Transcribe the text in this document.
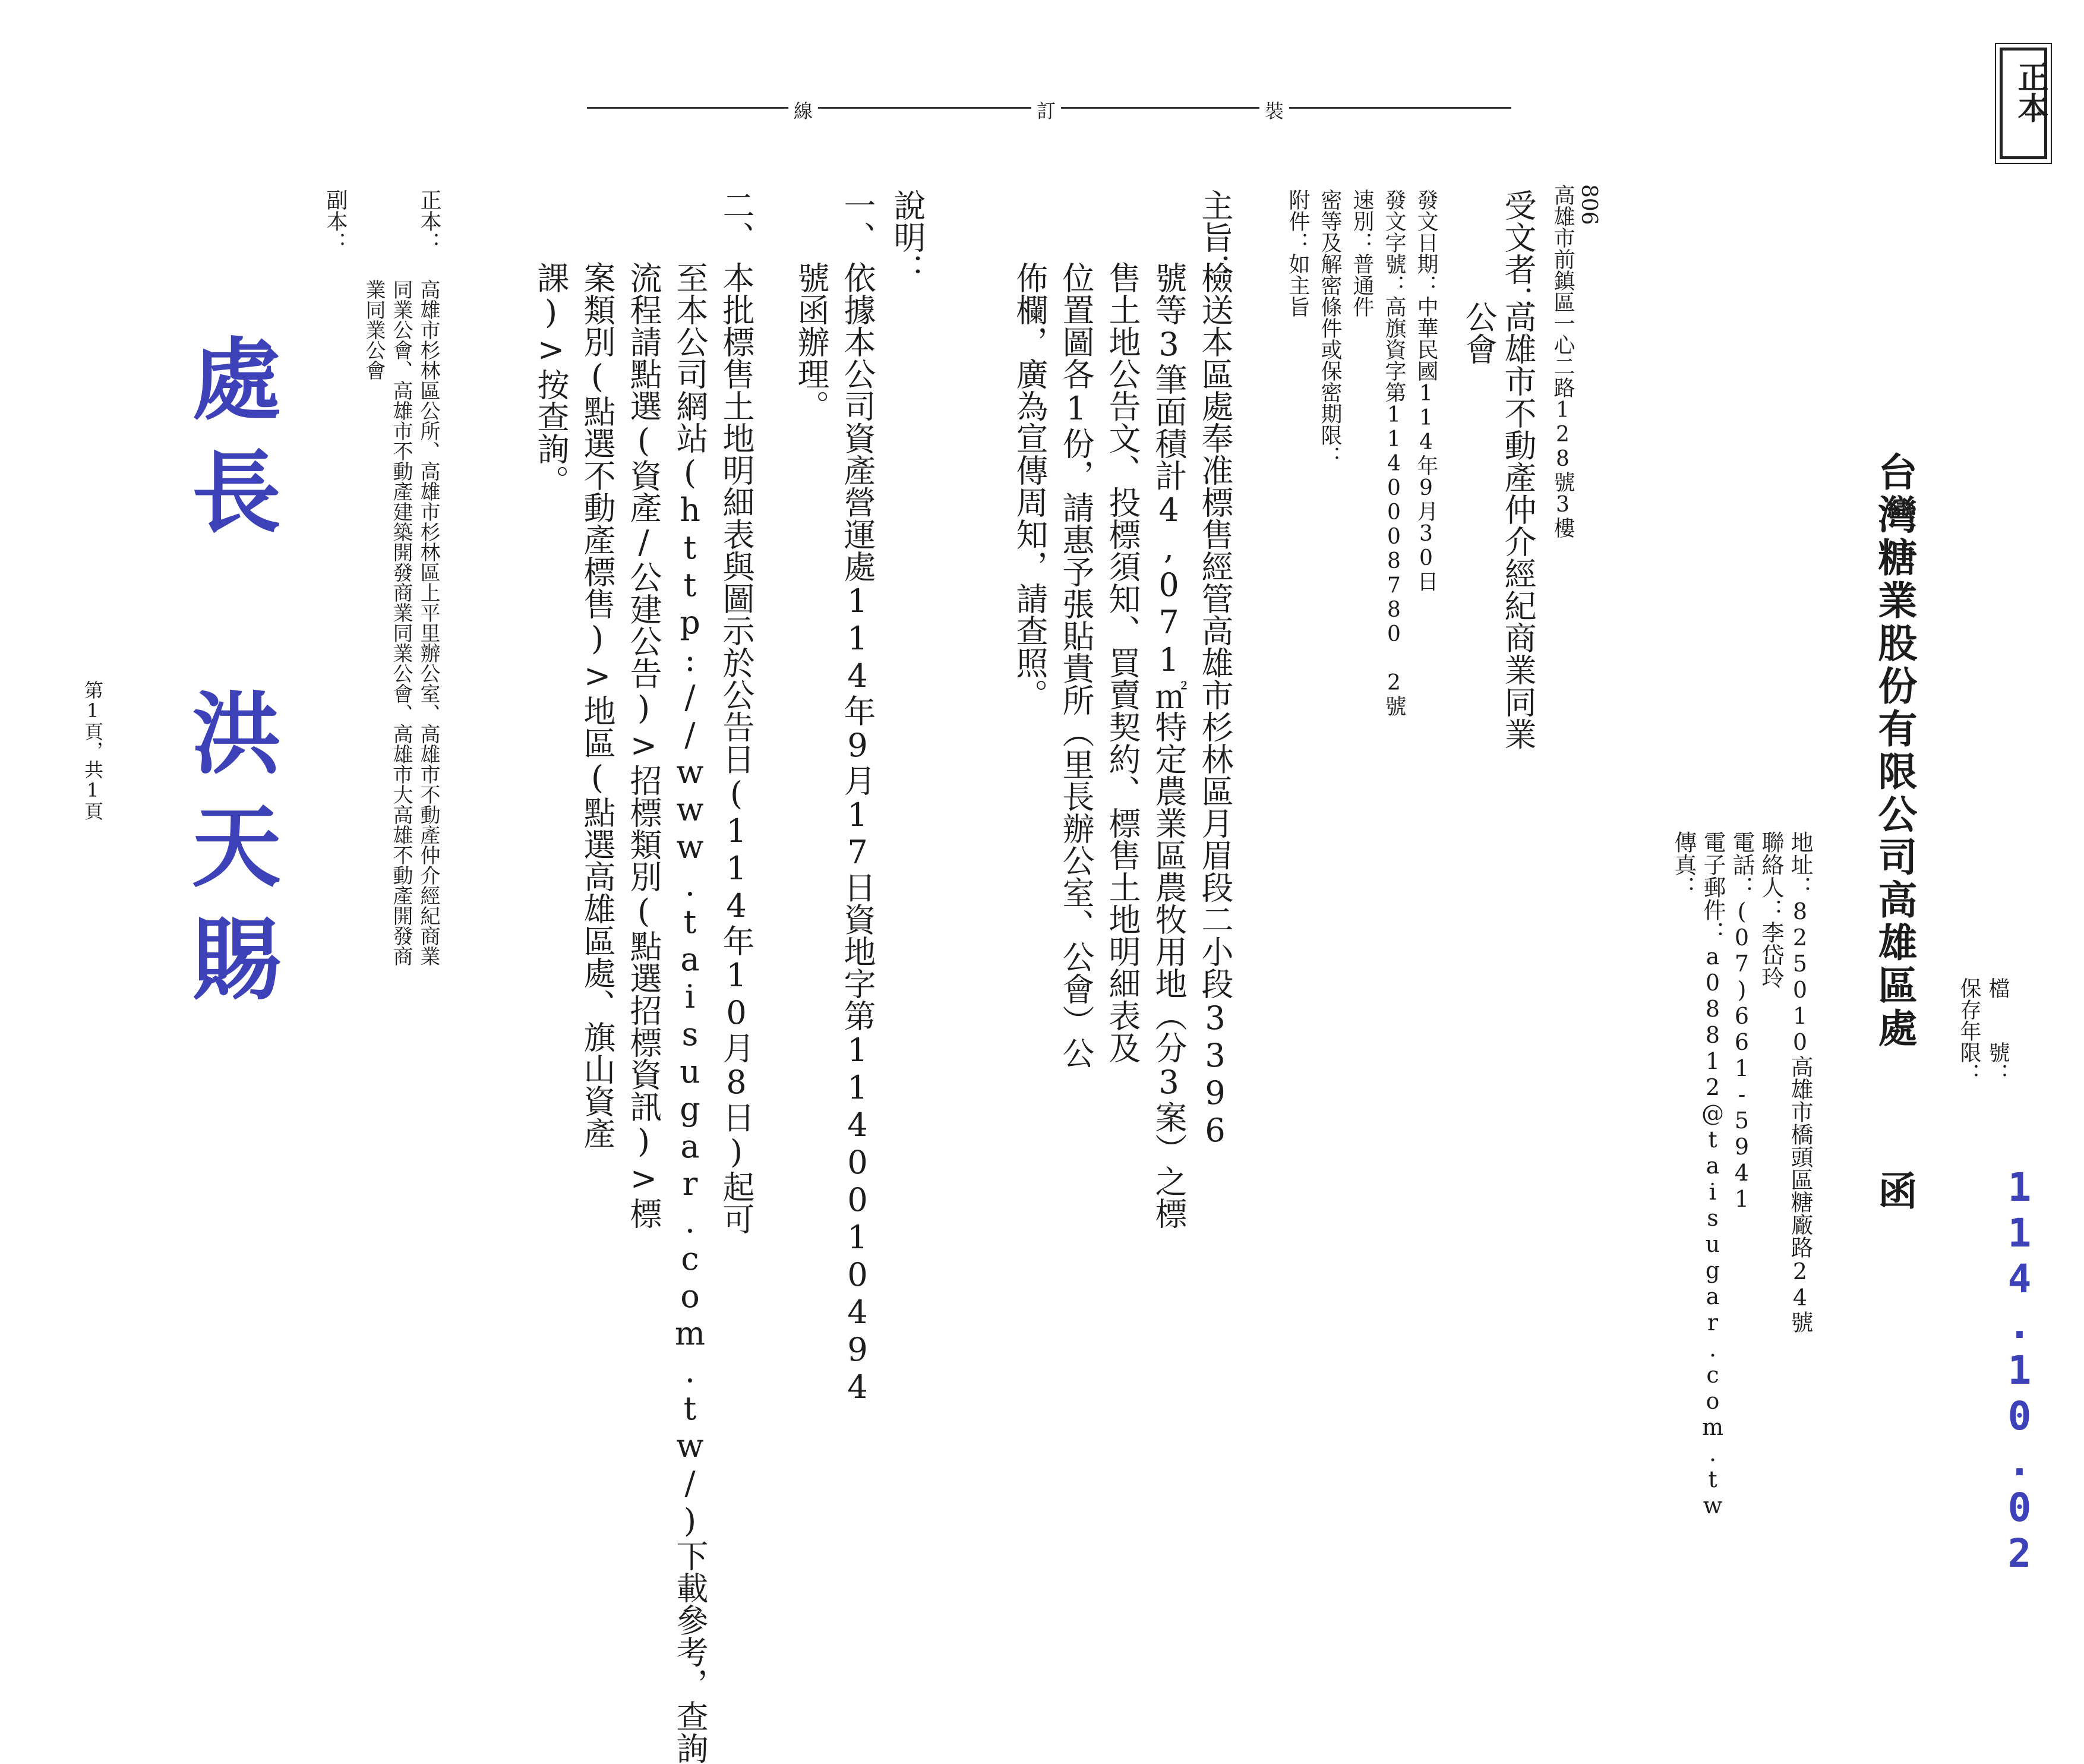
正本
檔　　號：
保存年限：
114.10.02
台灣糖業股份有限公司高雄區處
函
地址：825010高雄市橋頭區糖廠路24號
聯絡人：李岱玲
電話：(07)661-5941
電子郵件：a08812@taisugar.com.tw
傳真：
裝
訂
線
806
高雄市前鎮區一心二路128號3樓
受文者：
高雄市不動產仲介經紀商業同業
公會
發文日期：中華民國114年9月30日
發文字號：高旗資字第1140008780 2號
速別：普通件
密等及解密條件或保密期限：
附件：如主旨
主旨：
檢送本區處奉准標售經管高雄市杉林區月眉段二小段3396
號等3筆面積計4,071㎡特定農業區農牧用地（分3案）之標
售土地公告文、投標須知、買賣契約、標售土地明細表及
位置圖各1份，請惠予張貼貴所（里長辦公室、公會）公
佈欄，廣為宣傳周知，請查照。
說明：
一、
依據本公司資產營運處114年9月17日資地字第1140010494
號函辦理。
二、
本批標售土地明細表與圖示於公告日(114年10月8日)起可
至本公司網站(http://www.taisugar.com.tw/)下載參考，查詢
流程請點選(資產/公建公告)>招標類別(點選招標資訊)>標
案類別(點選不動產標售)>地區(點選高雄區處、旗山資產
課)>按查詢。
處長 洪天賜
正本：
高雄市杉林區公所、高雄市杉林區上平里辦公室、高雄市不動產仲介經紀商業
同業公會、高雄市不動產建築開發商業同業公會、高雄市大高雄不動產開發商
業同業公會
副本：
第1頁，共1頁
